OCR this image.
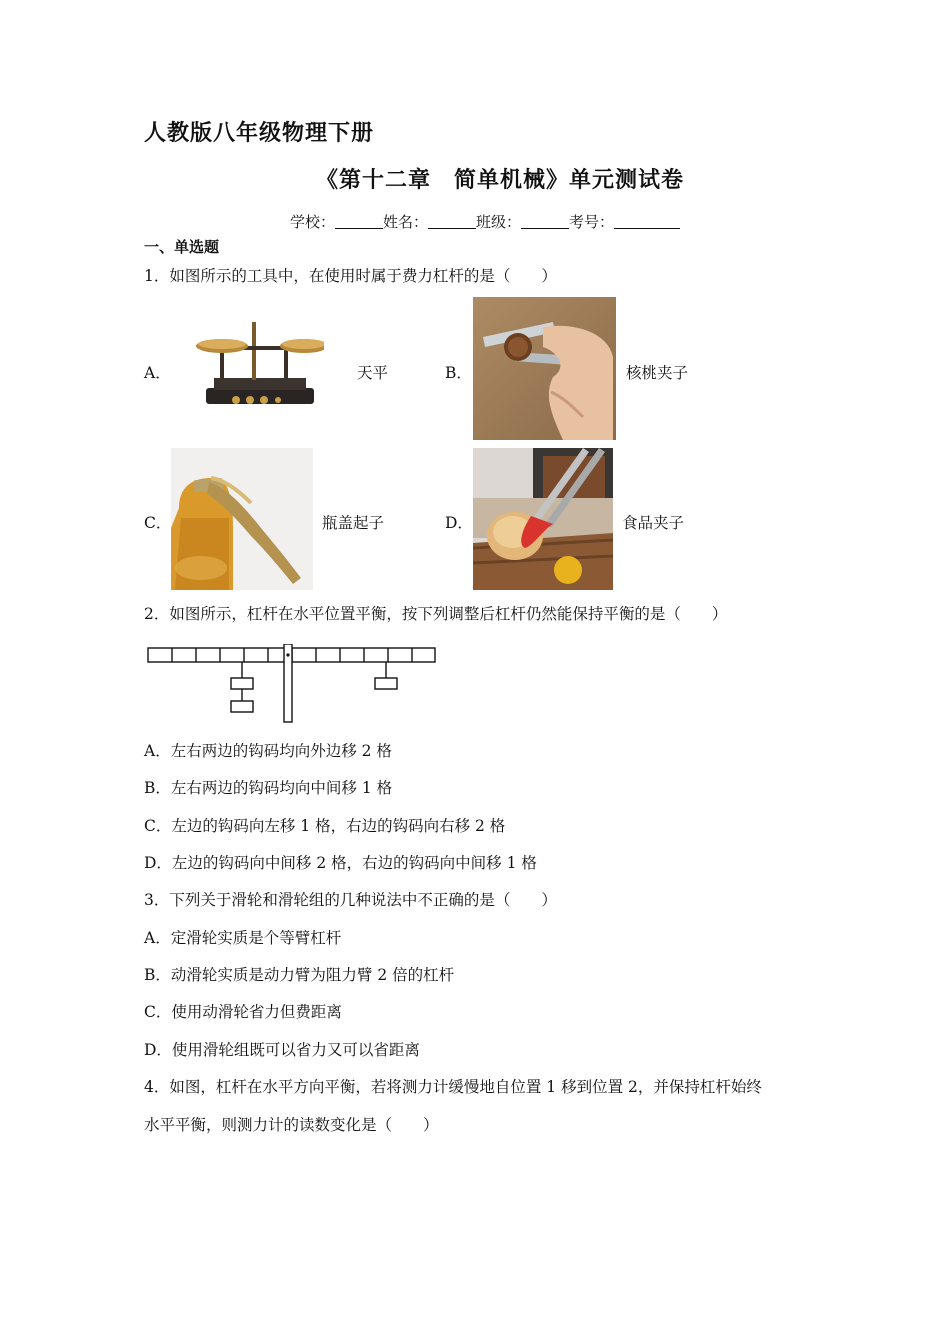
人教版八年级物理下册
《第十二章　简单机械》单元测试卷
学校：	姓名：	班级：	考号：
一、单选题
1．如图所示的工具中，在使用时属于费力杠杆的是（　　）
A．	天平	B．	核桃夹子
C．	瓶盖起子	D．	食品夹子
2．如图所示，杠杆在水平位置平衡，按下列调整后杠杆仍然能保持平衡的是（　　）
A．左右两边的钩码均向外边移 2 格
B．左右两边的钩码均向中间移 1 格
C．左边的钩码向左移 1 格，右边的钩码向右移 2 格
D．左边的钩码向中间移 2 格，右边的钩码向中间移 1 格
3．下列关于滑轮和滑轮组的几种说法中不正确的是（　　）
A．定滑轮实质是个等臂杠杆
B．动滑轮实质是动力臂为阻力臂 2 倍的杠杆
C．使用动滑轮省力但费距离
D．使用滑轮组既可以省力又可以省距离
4．如图，杠杆在水平方向平衡，若将测力计缓慢地自位置 1 移到位置 2，并保持杠杆始终
水平平衡，则测力计的读数变化是（　　）
